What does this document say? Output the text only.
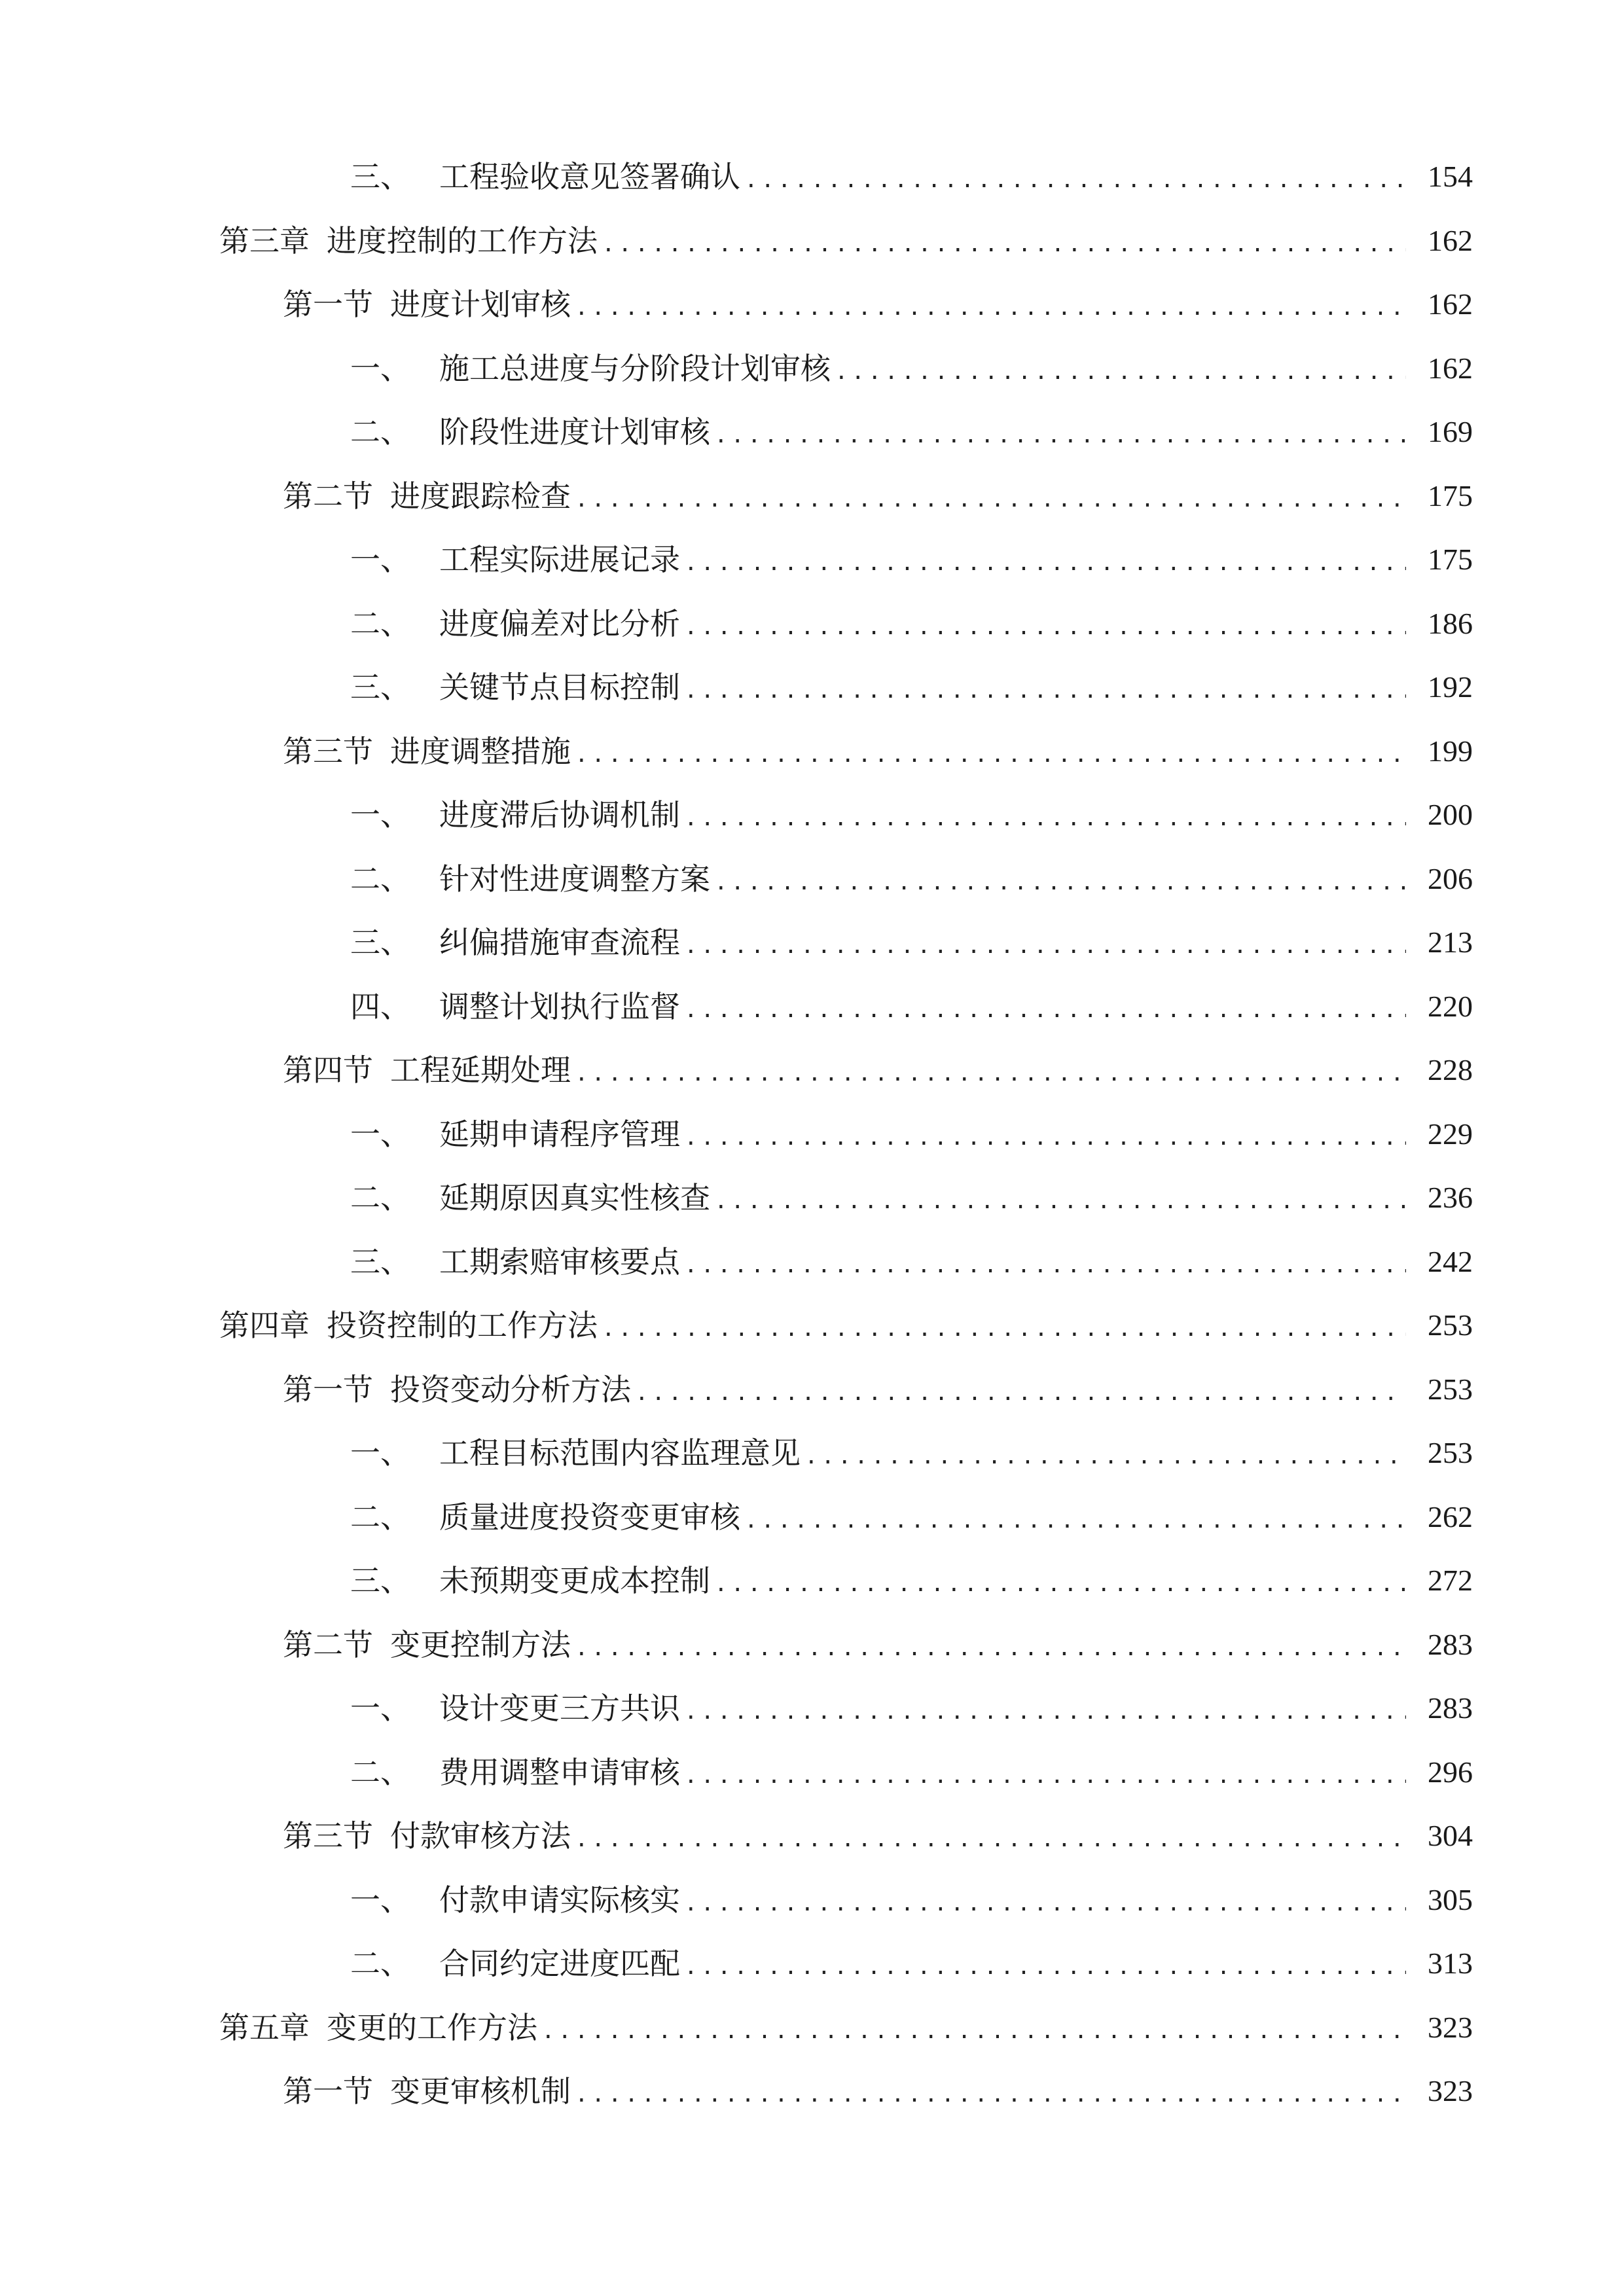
三、 工程验收意见签署确认 . . .	154
第三章 进度控制的工作方法 . . .	162
第一节 进度计划审核 . . .	162
一、 施工总进度与分阶段计划审核 . . .	162
二、 阶段性进度计划审核 . . .	169
第二节 进度跟踪检查 . . .	175
一、 工程实际进展记录 . . .	175
二、 进度偏差对比分析 . . .	186
三、 关键节点目标控制 . . .	192
第三节 进度调整措施 . . .	199
一、 进度滞后协调机制 . . .	200
二、 针对性进度调整方案 . . .	206
三、 纠偏措施审查流程 . . .	213
四、 调整计划执行监督 . . .	220
第四节 工程延期处理 . . .	228
一、 延期申请程序管理 . . .	229
二、 延期原因真实性核查 . . .	236
三、 工期索赔审核要点 . . .	242
第四章 投资控制的工作方法 . . .	253
第一节 投资变动分析方法 . . .	253
一、 工程目标范围内容监理意见 . . .	253
二、 质量进度投资变更审核 . . .	262
三、 未预期变更成本控制 . . .	272
第二节 变更控制方法 . . .	283
一、 设计变更三方共识 . . .	283
二、 费用调整申请审核 . . .	296
第三节 付款审核方法 . . .	304
一、 付款申请实际核实 . . .	305
二、 合同约定进度匹配 . . .	313
第五章 变更的工作方法 . . .	323
第一节 变更审核机制 . . .	323
